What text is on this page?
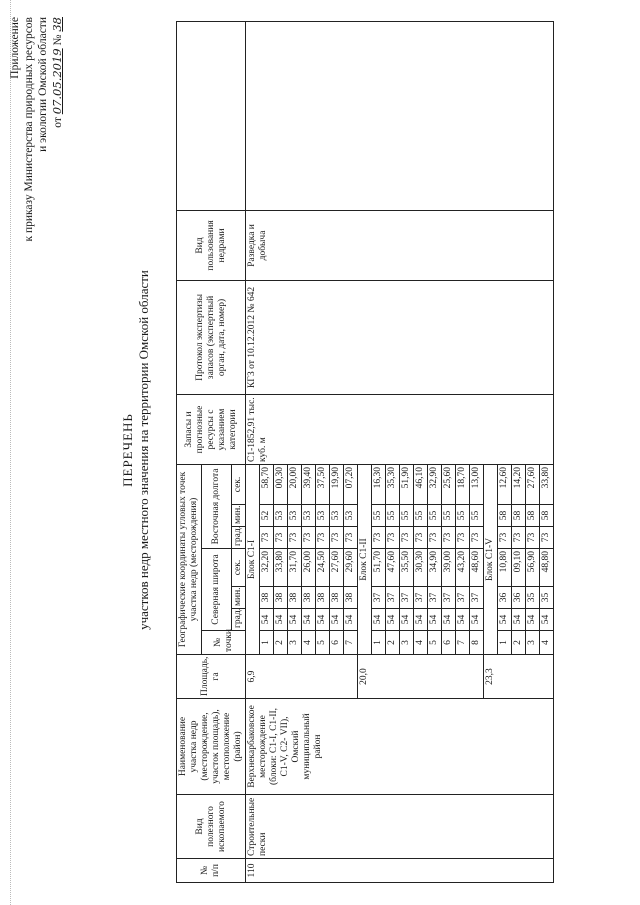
Приложение к приказу Министерства природных ресурсов и экологии Омской области от 07.05.2019 № 38
ПЕРЕЧЕНЬ участков недр местного значения на территории Омской области
№ п/п	Вид полезного ископаемого	Наименование участка недр (месторождение, участок площадь), местоположение (район)	Площадь, га	Географические координаты угловых точек участка недр (месторождения)							Запасы и прогнозные ресурсы с указанием категории	Протокол экспертизы запасов (экспертный орган, дата, номер)	Вид пользования недрами	
				№ точки	Северная широта			Восточная долгота						
					град.	мин.	сек.	град.	мин.	сек.				
110	Строительные пески	Верхнекарбаковское месторождение (блоки: С1-I, С1-II, С1-V, С2- VII), Омский муниципальный район	6,9	Блок С1-I							С1-1852,91 тыс. куб. м	КГЗ от 10.12.2012 № 642	Разведка и добыча	
				1	54	38	32,20	73	52	58,70				
				2	54	38	33,80	73	53	00,30				
				3	54	38	31,70	73	53	20,00				
				4	54	38	26,00	73	53	39,40				
				5	54	38	24,50	73	53	37,50				
				6	54	38	27,60	73	53	19,90				
				7	54	38	29,60	73	53	07,20				
			20,0	Блок С1-II										
				1	54	37	51,70	73	55	16,30				
				2	54	37	47,60	73	55	35,30				
				3	54	37	35,50	73	55	51,90				
				4	54	37	30,30	73	55	46,10				
				5	54	37	34,90	73	55	32,90				
				6	54	37	39,00	73	55	25,60				
				7	54	37	43,20	73	55	18,70				
				8	54	37	48,60	73	55	13,00				
			23,3	Блок С1-V										
				1	54	36	10,80	73	58	12,60				
				2	54	36	09,10	73	58	14,20				
				3	54	35	56,90	73	58	27,60				
				4	54	35	48,80	73	58	33,80				
